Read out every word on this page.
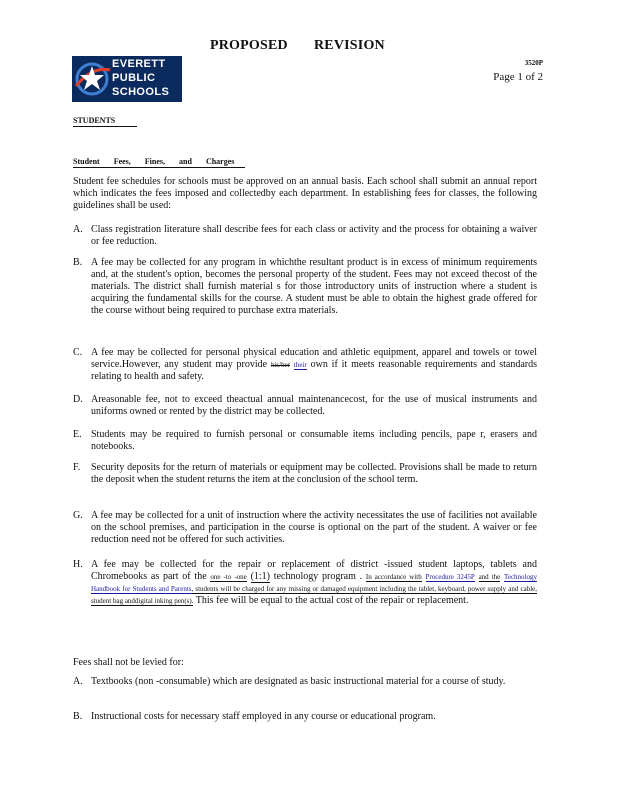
PROPOSED REVISION
EVERETT
PUBLIC
SCHOOLS
3520P
Page 1 of 2
STUDENTS
Student Fees, Fines, and Charges
Student fee schedules for schools must be approved on an annual basis. Each school shall submit an annual report which indicates the fees imposed and collectedby each department. In establishing fees for classes, the following guidelines shall be used:
A. Class registration literature shall describe fees for each class or activity and the process for obtaining a waiver or fee reduction.
B. A fee may be collected for any program in whichthe resultant product is in excess of minimum requirements and, at the student's option, becomes the personal property of the student. Fees may not exceed thecost of the materials. The district shall furnish material s for those introductory units of instruction where a student is acquiring the fundamental skills for the course. A student must be able to obtain the highest grade offered for the course without being required to purchase extra materials.
C. A fee may be collected for personal physical education and athletic equipment, apparel and towels or towel service.However, any student may provide his/her their own if it meets reasonable requirements and standards relating to health and safety.
D. Areasonable fee, not to exceed theactual annual maintenancecost, for the use of musical instruments and uniforms owned or rented by the district may be collected.
E. Students may be required to furnish personal or consumable items including pencils, pape r, erasers and notebooks.
F. Security deposits for the return of materials or equipment may be collected. Provisions shall be made to return the deposit when the student returns the item at the conclusion of the school term.
G. A fee may be collected for a unit of instruction where the activity necessitates the use of facilities not available on the school premises, and participation in the course is optional on the part of the student. A waiver or fee reduction need not be offered for such activities.
H. A fee may be collected for the repair or replacement of district -issued student laptops, tablets and Chromebooks as part of the one -to -one (1:1) technology program . In accordance with Procedure 3245P and the Technology Handbook for Students and Parents, students will be charged for any missing or damaged equipment including the tablet, keyboard, power supply and cable, student bag anddigital inking pen(s). This fee will be equal to the actual cost of the repair or replacement.
Fees shall not be levied for:
A. Textbooks (non -consumable) which are designated as basic instructional material for a course of study.
B. Instructional costs for necessary staff employed in any course or educational program.
